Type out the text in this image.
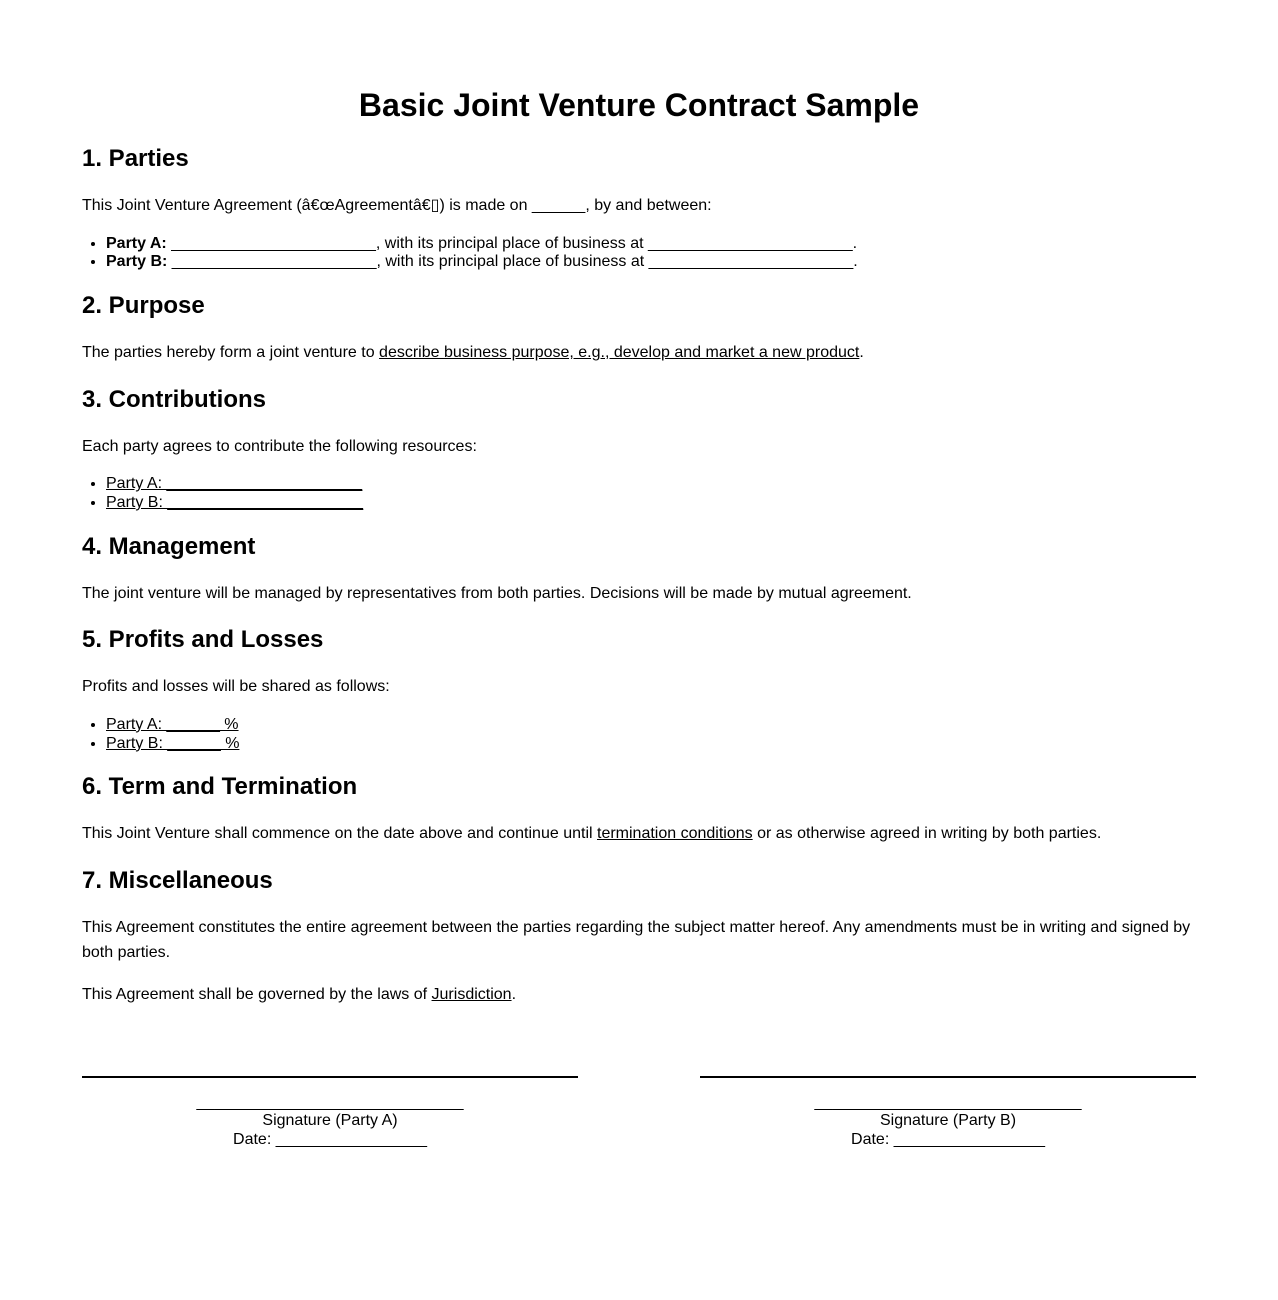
Basic Joint Venture Contract Sample
1. Parties

This Joint Venture Agreement (â€œAgreementâ€▯) is made on ______, by and between:

• Party A: _______________________, with its principal place of business at _______________________.
• Party B: _______________________, with its principal place of business at _______________________.
2. Purpose

The parties hereby form a joint venture to describe business purpose, e.g., develop and market a new product.

3. Contributions

Each party agrees to contribute the following resources:

• Party A: ______________________
• Party B: ______________________
4. Management

The joint venture will be managed by representatives from both parties. Decisions will be made by mutual agreement.

5. Profits and Losses

Profits and losses will be shared as follows:

• Party A: ______ %
• Party B: ______ %
6. Term and Termination

This Joint Venture shall commence on the date above and continue until termination conditions or as otherwise agreed in writing by both parties.

7. Miscellaneous

This Agreement constitutes the entire agreement between the parties regarding the subject matter hereof. Any amendments must be in writing and signed by both parties.

This Agreement shall be governed by the laws of Jurisdiction.

______________________________
Signature (Party A)
Date: _________________
______________________________
Signature (Party B)
Date: _________________
